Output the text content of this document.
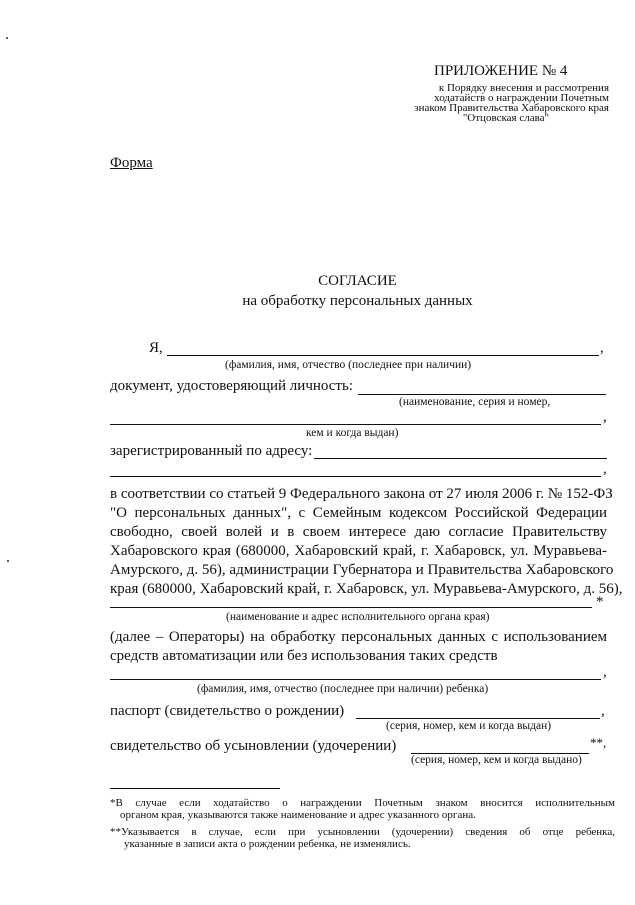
ПРИЛОЖЕНИЕ № 4
к Порядку внесения и рассмотрения
ходатайств о награждении Почетным
знаком Правительства Хабаровского края
"Отцовская слава"
Форма
СОГЛАСИЕ
на обработку персональных данных
Я,	,
(фамилия, имя, отчество (последнее при наличии)
документ, удостоверяющий личность:
(наименование, серия и номер,
,
кем и когда выдан)
зарегистрированный по адресу:
,
в соответствии со статьей 9 Федерального закона от 27 июля 2006 г. № 152-ФЗ
"О персональных данных", с Семейным кодексом Российской Федерации
свободно, своей волей и в своем интересе даю согласие Правительству
Хабаровского края (680000, Хабаровский край, г. Хабаровск, ул. Муравьева-
Амурского, д. 56), администрации Губернатора и Правительства Хабаровского
края (680000, Хабаровский край, г. Хабаровск, ул. Муравьева-Амурского, д. 56),
*
(наименование и адрес исполнительного органа края)
(далее – Операторы) на обработку персональных данных с использованием
средств автоматизации или без использования таких средств
,
(фамилия, имя, отчество (последнее при наличии) ребенка)
паспорт (свидетельство о рождении)	,
(серия, номер, кем и когда выдан)
свидетельство об усыновлении (удочерении)	**,
(серия, номер, кем и когда выдано)
*В случае если ходатайство о награждении Почетным знаком вносится исполнительным
органом края, указываются также наименование и адрес указанного органа.
**Указывается в случае, если при усыновлении (удочерении) сведения об отце ребенка,
указанные в записи акта о рождении ребенка, не изменялись.
